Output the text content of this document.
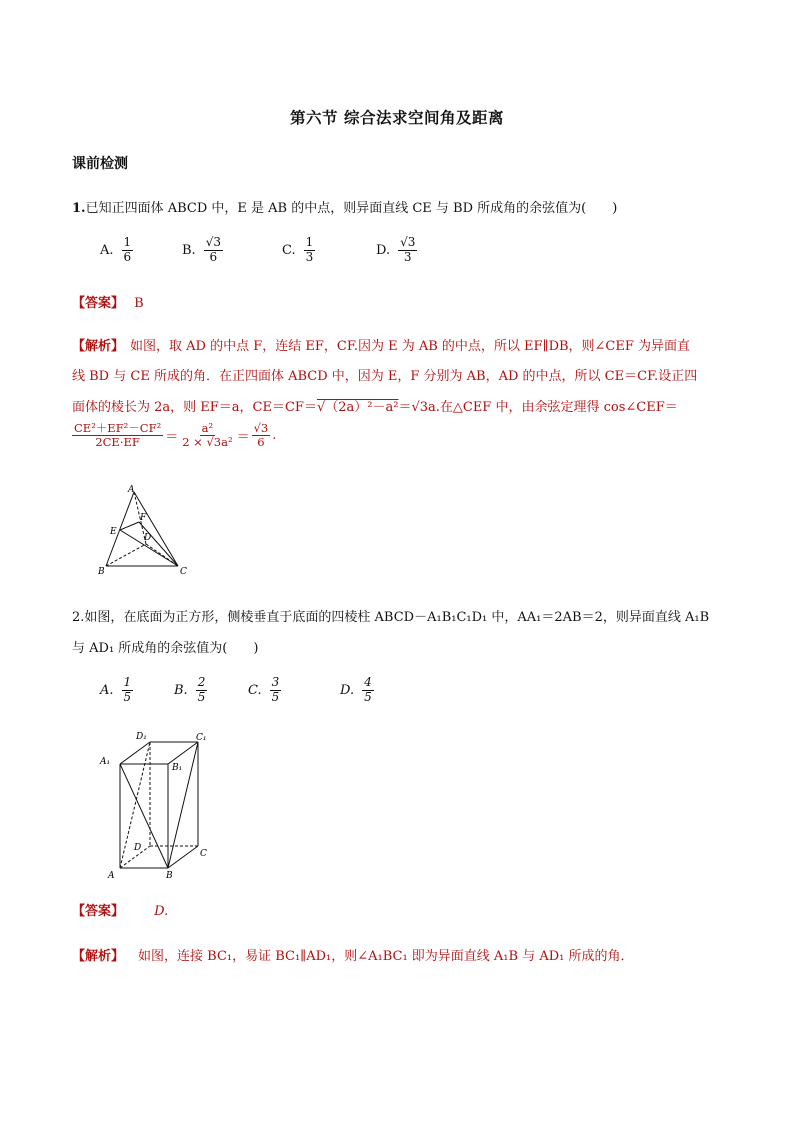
第六节 综合法求空间角及距离
课前检测
1.已知正四面体 ABCD 中，E 是 AB 的中点，则异面直线 CE 与 BD 所成角的余弦值为(　　)
A. $\frac{1}{6}$	B. $\frac{√3}{6}$	C. $\frac{1}{3}$	D. $\frac{√3}{3}$
【答案】 B
【解析】 如图，取 AD 的中点 F，连结 EF，CF.因为 E 为 AB 的中点，所以 EF∥DB，则∠CEF 为异面直
线 BD 与 CE 所成的角．在正四面体 ABCD 中，因为 E，F 分别为 AB，AD 的中点，所以 CE＝CF.设正四
面体的棱长为 2a，则 EF＝a，CE＝CF＝√（2a）²－a²＝√3a.在△CEF 中，由余弦定理得 cos∠CEF＝
$\frac{\text{CE²＋EF²－CF²}}{2CE\cdot EF} = \frac{\text{a²}}{\text{2 × √3a²}} = \frac{√3}{6}$ .
A
E
F
D
B	C
2.如图，在底面为正方形，侧棱垂直于底面的四棱柱 ABCD－A₁B₁C₁D₁ 中，AA₁＝2AB＝2，则异面直线 A₁B
与 AD₁ 所成角的余弦值为(　　)
A. $\frac{1}{5}$	B. $\frac{2}{5}$	C. $\frac{3}{5}$	D. $\frac{4}{5}$
D₁	C₁
A₁
B₁
D
C
A	B
【答案】 D.
【解析】 如图，连接 BC₁，易证 BC₁∥AD₁，则∠A₁BC₁ 即为异面直线 A₁B 与 AD₁ 所成的角．
